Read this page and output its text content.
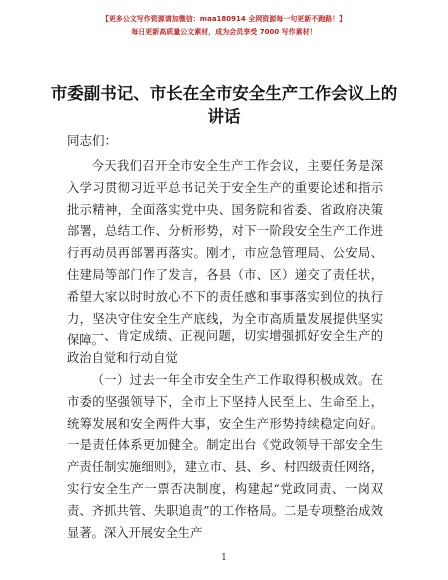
【更多公文写作资源请加微信：maa180914 全网资源每一句更新不跑路！】
每日更新高质量公文素材，成为会员享受 7000 写作素材！
市委副书记、市长在全市安全生产工作会议上的讲话
同志们：

今天我们召开全市安全生产工作会议，主要任务是深入学习贯彻习近平总书记关于安全生产的重要论述和指示批示精神，全面落实党中央、国务院和省委、省政府决策部署，总结工作、分析形势，对下一阶段安全生产工作进行再动员再部署再落实。刚才，市应急管理局、公安局、住建局等部门作了发言，各县（市、区）递交了责任状，希望大家以时时放心不下的责任感和事事落实到位的执行力，坚决守住安全生产底线，为全市高质量发展提供坚实保障。

一、肯定成绩、正视问题，切实增强抓好安全生产的政治自觉和行动自觉

（一）过去一年全市安全生产工作取得积极成效。在市委的坚强领导下，全市上下坚持人民至上、生命至上，统筹发展和安全两件大事，安全生产形势持续稳定向好。一是责任体系更加健全。制定出台《党政领导干部安全生产责任制实施细则》，建立市、县、乡、村四级责任网络，实行安全生产一票否决制度，构建起“党政同责、一岗双责、齐抓共管、失职追责”的工作格局。二是专项整治成效显著。深入开展安全生产

1
